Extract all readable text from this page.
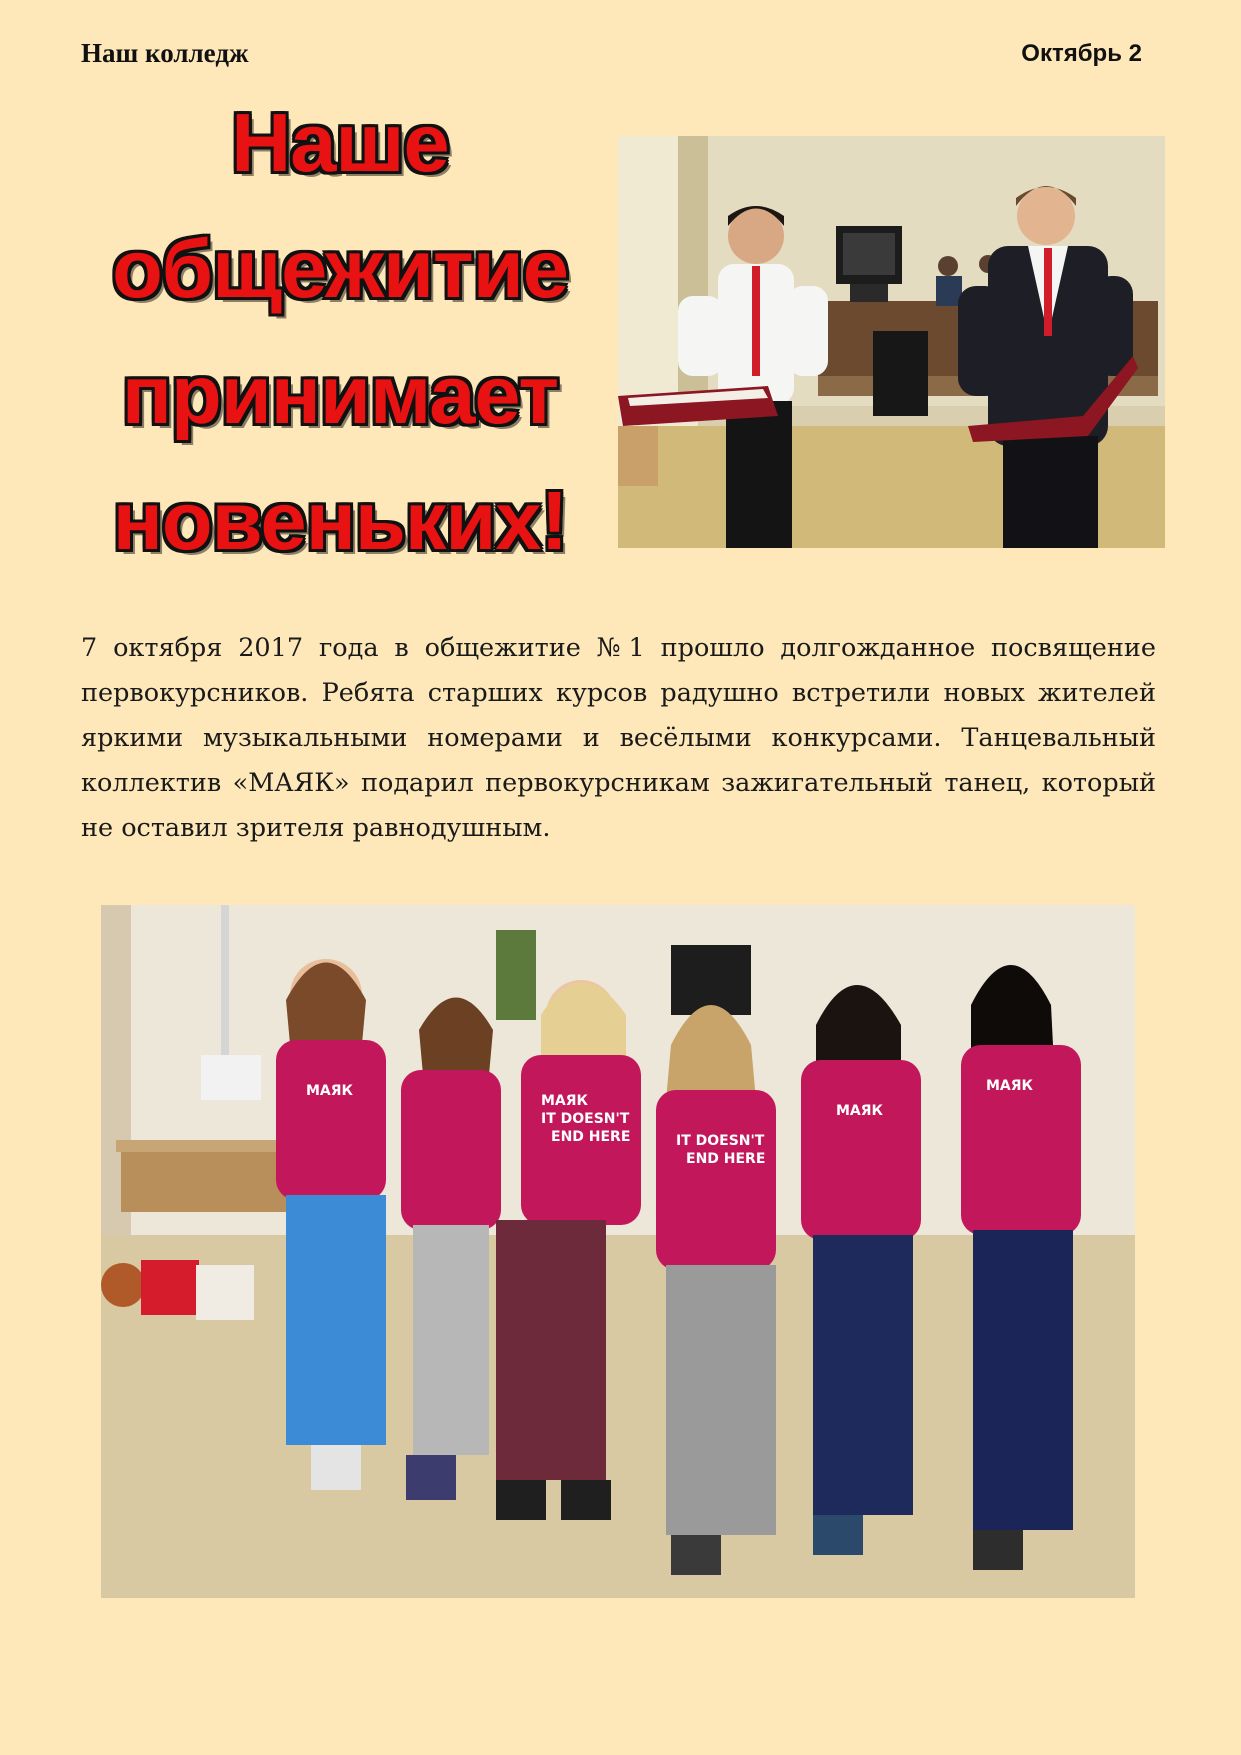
Наш колледж	Октябрь 2
Наше
общежитие
принимает
новеньких!

7 октября 2017 года в общежитие №1 прошло долгожданное посвящение первокурсников. Ребята старших курсов радушно встретили новых жителей яркими музыкальными номерами и весёлыми конкурсами. Танцевальный коллектив «МАЯК» подарил первокурсникам зажигательный танец, который не оставил зрителя равнодушным.

МАЯК
МАЯК
IT DOESN'T
END HERE	IT DOESN'T
END HERE
МАЯК
МАЯК
